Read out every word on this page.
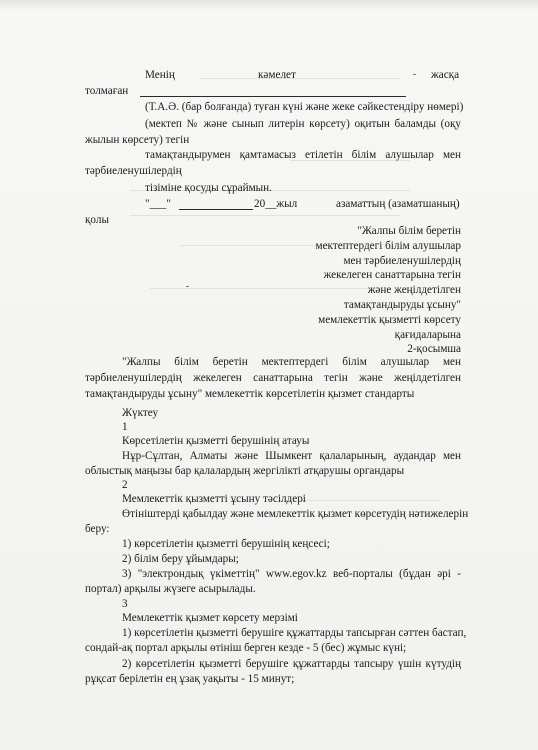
Менің	кәмелет	жасқа
толмаған
(Т.А.Ә. (бар болғанда) туған күні және жеке сәйкестендіру нөмері)
(мектеп № және сынып литерін көрсету) оқитын баламды (оқу
жылын көрсету) тегін
тамақтандырумен қамтамасыз етілетін білім алушылар мен
тәрбиеленушілердің
тізіміне қосуды сұраймын.
"___"	20__жыл	азаматтың (азаматшаның)
қолы
"Жалпы білім беретін
мектептердегі білім алушылар
мен тәрбиеленушілердің
жекелеген санаттарына тегін
және жеңілдетілген
тамақтандыруды ұсыну"
мемлекеттік қызметті көрсету
қағидаларына
2-қосымша
"Жалпы білім беретін мектептердегі білім алушылар мен
тәрбиеленушілердің жекелеген санаттарына тегін және жеңілдетілген
тамақтандыруды ұсыну" мемлекеттік көрсетілетін қызмет стандарты
Жүктеу
1
Көрсетілетін қызметті берушінің атауы
Нұр-Сұлтан, Алматы және Шымкент қалаларының, аудандар мен
облыстық маңызы бар қалалардың жергілікті атқарушы органдары
2
Мемлекеттік қызметті ұсыну тәсілдері
Өтініштерді қабылдау және мемлекеттік қызмет көрсетудің нәтижелерін
беру:
1) көрсетілетін қызметті берушінің кеңсесі;
2) білім беру ұйымдары;
3) "электрондық үкіметтің" www.egov.kz веб-порталы (бұдан әрі -
портал) арқылы жүзеге асырылады.
3
Мемлекеттік қызмет көрсету мерзімі
1) көрсетілетін қызметті берушіге құжаттарды тапсырған сәттен бастап,
сондай-ақ портал арқылы өтініш берген кезде - 5 (бес) жұмыс күні;
2) көрсетілетін қызметті берушіге құжаттарды тапсыру үшін күтудің
рұқсат берілетін ең ұзақ уақыты - 15 минут;
